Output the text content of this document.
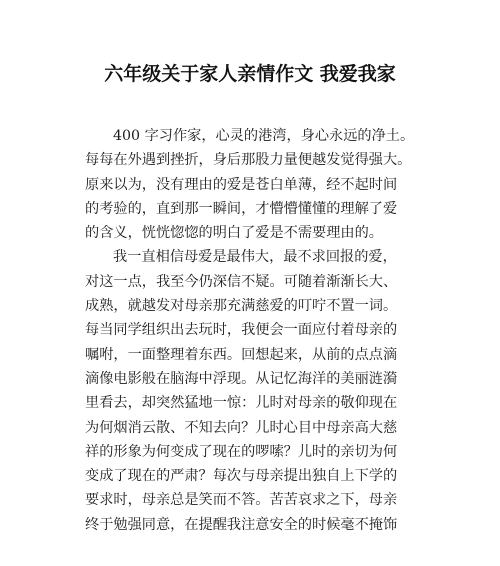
六年级关于家人亲情作文 我爱我家
400 字习作家，心灵的港湾，身心永远的净土。
每每在外遇到挫折，身后那股力量便越发觉得强大。
原来以为，没有理由的爱是苍白单薄，经不起时间
的考验的，直到那一瞬间，才懵懵懂懂的理解了爱
的含义，恍恍惚惚的明白了爱是不需要理由的。
我一直相信母爱是最伟大，最不求回报的爱，
对这一点，我至今仍深信不疑。可随着渐渐长大、
成熟，就越发对母亲那充满慈爱的叮咛不置一词。
每当同学组织出去玩时，我便会一面应付着母亲的
嘱咐，一面整理着东西。回想起来，从前的点点滴
滴像电影般在脑海中浮现。从记忆海洋的美丽涟漪
里看去，却突然猛地一惊：儿时对母亲的敬仰现在
为何烟消云散、不知去向？儿时心目中母亲高大慈
祥的形象为何变成了现在的啰嗦？儿时的亲切为何
变成了现在的严肃？每次与母亲提出独自上下学的
要求时，母亲总是笑而不答。苦苦哀求之下，母亲
终于勉强同意，在提醒我注意安全的时候毫不掩饰
